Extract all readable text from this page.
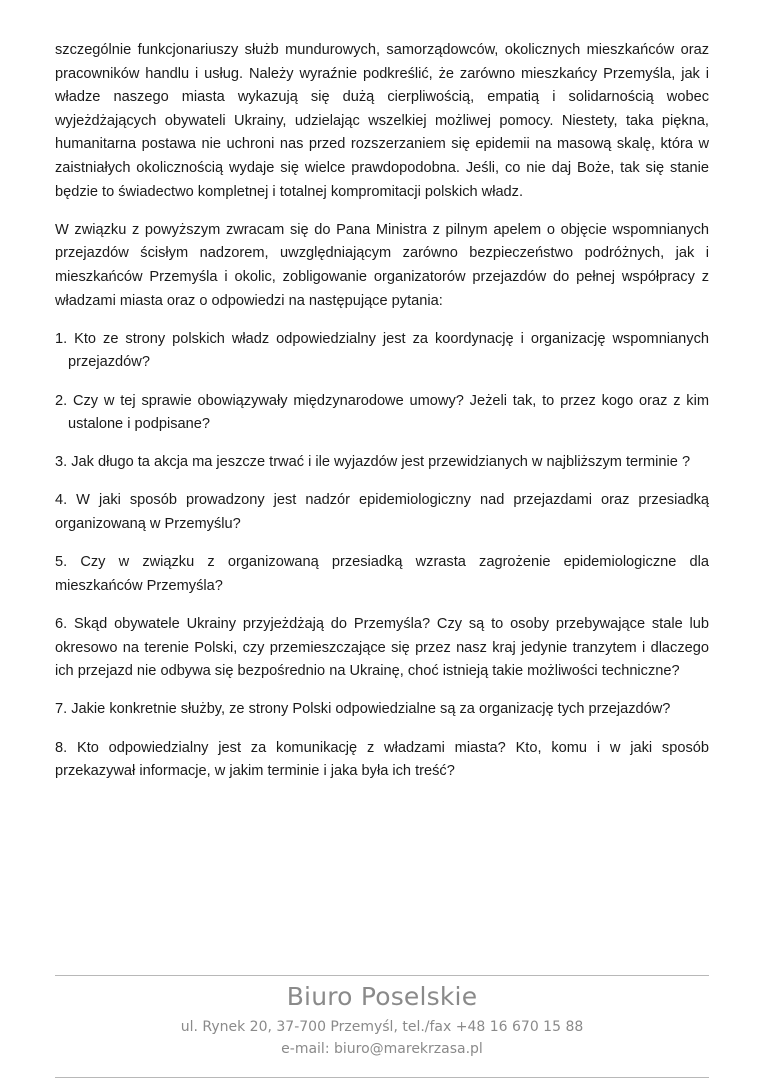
szczególnie funkcjonariuszy służb mundurowych, samorządowców, okolicznych mieszkańców oraz pracowników handlu i usług. Należy wyraźnie podkreślić, że zarówno mieszkańcy Przemyśla, jak i władze naszego miasta wykazują się dużą cierpliwością, empatią i solidarnością wobec wyjeżdżających obywateli Ukrainy, udzielając wszelkiej możliwej pomocy. Niestety, taka piękna, humanitarna postawa nie uchroni nas przed rozszerzaniem się epidemii na masową skalę, która w zaistniałych okolicznością wydaje się wielce prawdopodobna. Jeśli, co nie daj Boże, tak się stanie będzie to świadectwo kompletnej i totalnej kompromitacji polskich władz.

W związku z powyższym zwracam się do Pana Ministra z pilnym apelem o objęcie wspomnianych przejazdów ścisłym nadzorem, uwzględniającym zarówno bezpieczeństwo podróżnych, jak i mieszkańców Przemyśla i okolic, zobligowanie organizatorów przejazdów do pełnej współpracy z władzami miasta oraz o odpowiedzi na następujące pytania:

1. Kto ze strony polskich władz odpowiedzialny jest za koordynację i organizację wspomnianych przejazdów?

2. Czy w tej sprawie obowiązywały międzynarodowe umowy? Jeżeli tak, to przez kogo oraz z kim ustalone i podpisane?

3. Jak długo ta akcja ma jeszcze trwać i ile wyjazdów jest przewidzianych w najbliższym terminie ?

4. W jaki sposób prowadzony jest nadzór epidemiologiczny nad przejazdami oraz przesiadką organizowaną w Przemyślu?

5. Czy w związku z organizowaną przesiadką wzrasta zagrożenie epidemiologiczne dla mieszkańców Przemyśla?

6. Skąd obywatele Ukrainy przyjeżdżają do Przemyśla? Czy są to osoby przebywające stale lub okresowo na terenie Polski, czy przemieszczające się przez nasz kraj jedynie tranzytem i dlaczego ich przejazd nie odbywa się bezpośrednio na Ukrainę, choć istnieją takie możliwości techniczne?

7. Jakie konkretnie służby, ze strony Polski odpowiedzialne są za organizację tych przejazdów?

8. Kto odpowiedzialny jest za komunikację z władzami miasta? Kto, komu i w jaki sposób przekazywał informacje, w jakim terminie i jaka była ich treść?

Biuro Poselskie
ul. Rynek 20, 37-700 Przemyśl, tel./fax +48 16 670 15 88
e-mail: biuro@marekrzasa.pl
